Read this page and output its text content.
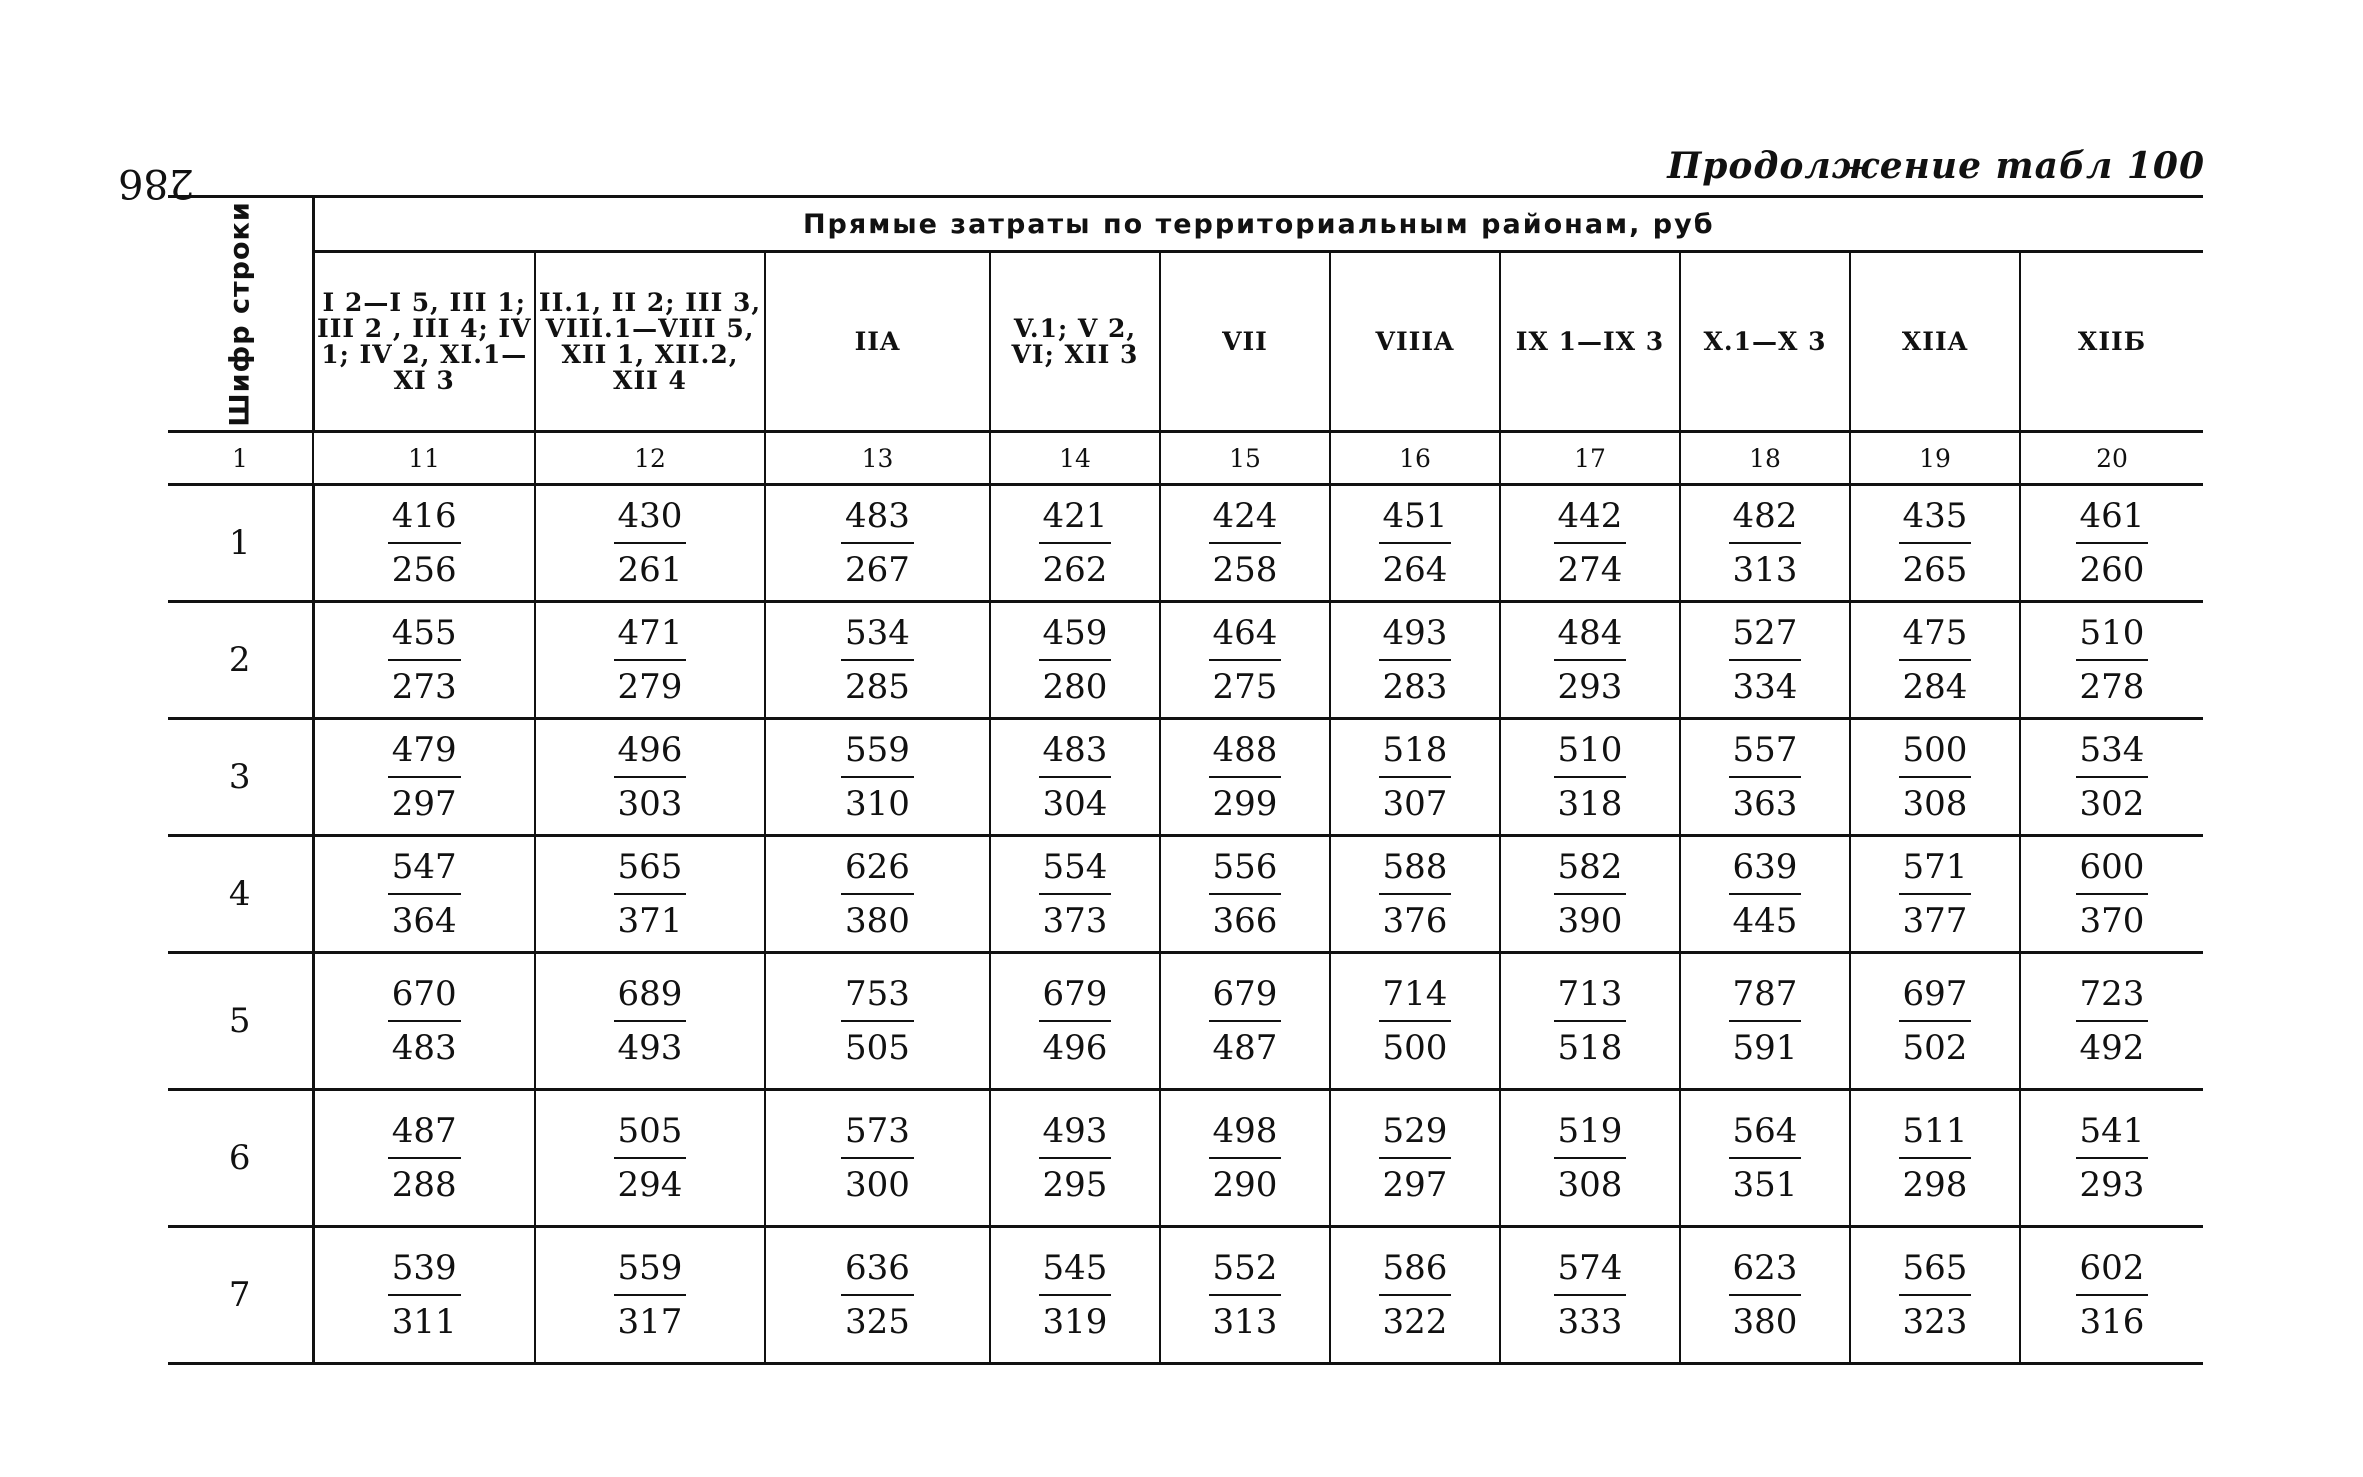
286	Продолжение табл 100
Шифр строки	Прямые затраты по территориальным районам, руб									
	I 2—I 5, III 1; III 2 , III 4; IV 1; IV 2, XI.1—XI 3	II.1, II 2; III 3, VIII.1—VIII 5, XII 1, XII.2, XII 4	IIA	V.1; V 2, VI; XII 3	VII	VIIIA	IX 1—IX 3	X.1—X 3	XIIA	XIIБ
1	11	12	13	14	15	16	17	18	19	20
1	$\frac{416}{256}$	$\frac{430}{261}$	$\frac{483}{267}$	$\frac{421}{262}$	$\frac{424}{258}$	$\frac{451}{264}$	$\frac{442}{274}$	$\frac{482}{313}$	$\frac{435}{265}$	$\frac{461}{260}$

2	$\frac{455}{273}$	$\frac{471}{279}$	$\frac{534}{285}$	$\frac{459}{280}$	$\frac{464}{275}$	$\frac{493}{283}$	$\frac{484}{293}$	$\frac{527}{334}$	$\frac{475}{284}$	$\frac{510}{278}$

3	$\frac{479}{297}$	$\frac{496}{303}$	$\frac{559}{310}$	$\frac{483}{304}$	$\frac{488}{299}$	$\frac{518}{307}$	$\frac{510}{318}$	$\frac{557}{363}$	$\frac{500}{308}$	$\frac{534}{302}$

4	$\frac{547}{364}$	$\frac{565}{371}$	$\frac{626}{380}$	$\frac{554}{373}$	$\frac{556}{366}$	$\frac{588}{376}$	$\frac{582}{390}$	$\frac{639}{445}$	$\frac{571}{377}$	$\frac{600}{370}$

5	$\frac{670}{483}$	$\frac{689}{493}$	$\frac{753}{505}$	$\frac{679}{496}$	$\frac{679}{487}$	$\frac{714}{500}$	$\frac{713}{518}$	$\frac{787}{591}$	$\frac{697}{502}$	$\frac{723}{492}$

6	$\frac{487}{288}$	$\frac{505}{294}$	$\frac{573}{300}$	$\frac{493}{295}$	$\frac{498}{290}$	$\frac{529}{297}$	$\frac{519}{308}$	$\frac{564}{351}$	$\frac{511}{298}$	$\frac{541}{293}$

7	$\frac{539}{311}$	$\frac{559}{317}$	$\frac{636}{325}$	$\frac{545}{319}$	$\frac{552}{313}$	$\frac{586}{322}$	$\frac{574}{333}$	$\frac{623}{380}$	$\frac{565}{323}$	$\frac{602}{316}$
